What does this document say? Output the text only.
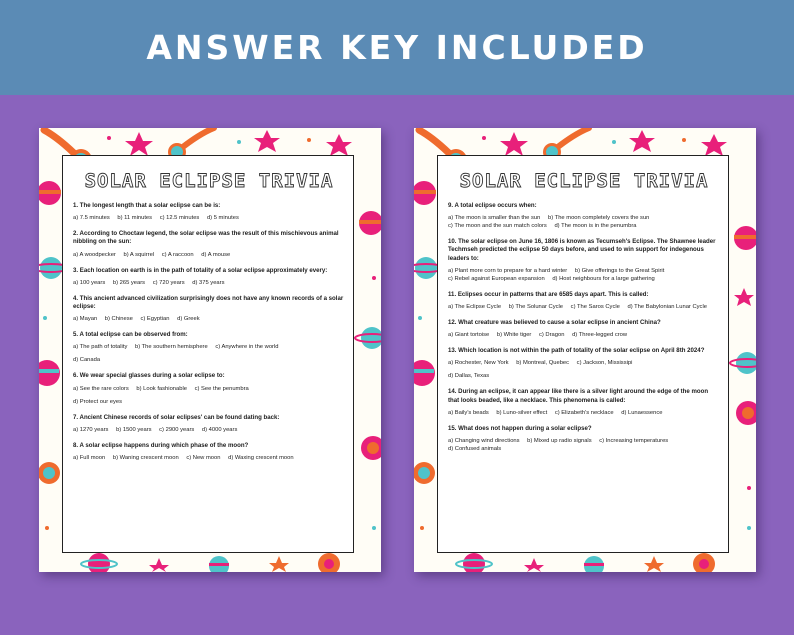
ANSWER KEY INCLUDED
SOLAR ECLIPSE TRIVIA
1. The longest length that a solar eclipse can be is:
a) 7.5 minutes b) 11 minutes c) 12.5 minutes d) 5 minutes
2. According to Choctaw legend, the solar eclipse was the result of this mischievous animal nibbling on the sun:
a) A woodpecker b) A squirrel c) A raccoon d) A mouse
3. Each location on earth is in the path of totality of a solar eclipse approximately every:
a) 100 years b) 265 years c) 720 years d) 375 years
4. This ancient advanced civilization surprisingly does not have any known records of a solar eclipse:
a) Mayan b) Chinese c) Egyptian d) Greek
5. A total eclipse can be observed from:
a) The path of totality b) The southern hemisphere c) Anywhere in the world
d) Canada
6. We wear special glasses during a solar eclipse to:
a) See the rare colors b) Look fashionable c) See the penumbra
d) Protect our eyes
7. Ancient Chinese records of solar eclipses' can be found dating back:
a) 1270 years b) 1500 years c) 2900 years d) 4000 years
8. A solar eclipse happens during which phase of the moon?
a) Full moon b) Waning crescent moon c) New moon d) Waxing crescent moon
SOLAR ECLIPSE TRIVIA
9. A total eclipse occurs when:
a) The moon is smaller than the sun b) The moon completely covers the sun c) The moon and the sun match colors d) The moon is in the penumbra
10. The solar eclipse on June 16, 1806 is known as Tecumseh's Eclipse. The Shawnee leader Techmseh predicted the eclipse 50 days before, and used to win support for indegenous leaders to:
a) Plant more corn to prepare for a hard winter b) Give offerings to the Great Spirit c) Rebel against European expansion d) Host neighbours for a large gathering
11. Eclipses occur in patterns that are 6585 days apart. This is called:
a) The Eclipse Cycle b) The Solunar Cycle c) The Saros Cycle d) The Babylonian Lunar Cycle
12. What creature was believed to cause a solar eclipse in ancient China?
a) Giant tortoise b) White tiger c) Dragon d) Three-legged crow
13. Which location is not within the path of totality of the solar eclipse on April 8th 2024?
a) Rochester, New York b) Montreal, Quebec c) Jackson, Mississipi
d) Dallas, Texas
14. During an eclipse, it can appear like there is a silver light around the edge of the moon that looks beaded, like a necklace. This phenomena is called:
a) Baily's beads b) Luno-silver effect c) Elizabeth's necklace d) Lunaessence
15. What does not happen during a solar eclipse?
a) Changing wind directions b) Mixed up radio signals c) Increasing temperatures d) Confused animals
